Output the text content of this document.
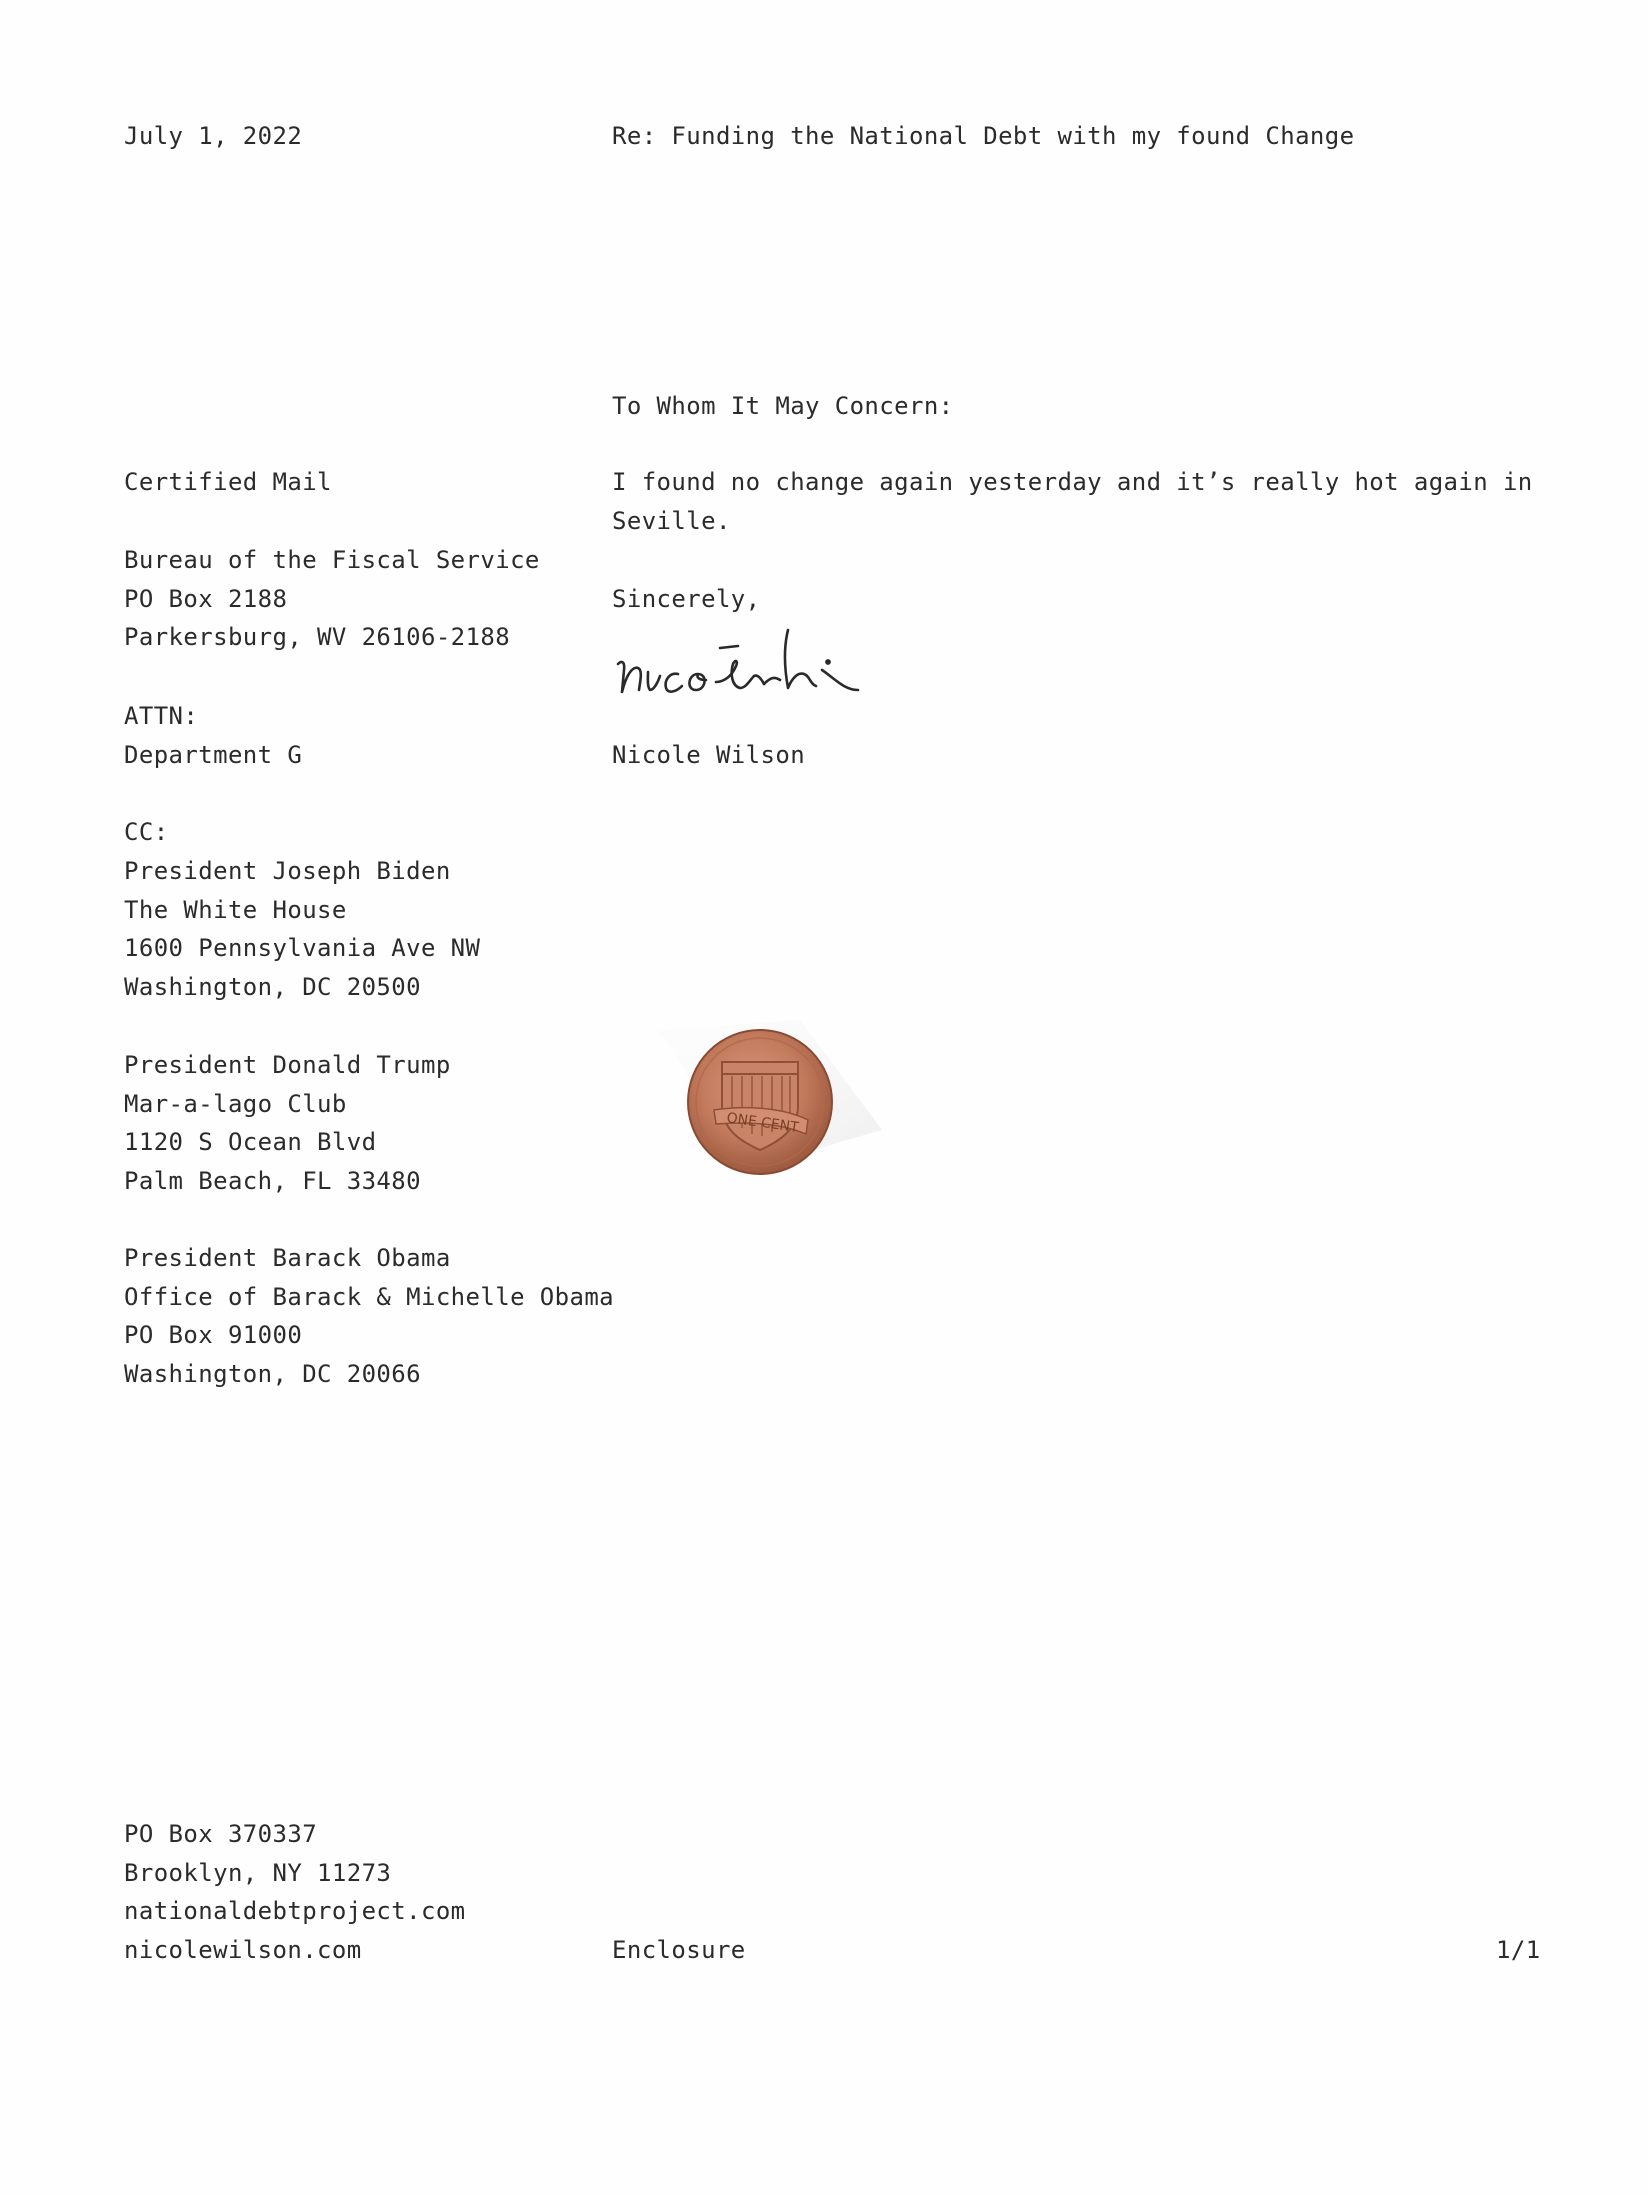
July 1, 2022	Re: Funding the National Debt with my found Change
To Whom It May Concern:
Certified Mail	I found no change again yesterday and it’s really hot again in
Seville.
Bureau of the Fiscal Service
PO Box 2188
Parkersburg, WV 26106-2188
Sincerely,
ATTN:
Department G	Nicole Wilson
CC:
President Joseph Biden
The White House
1600 Pennsylvania Ave NW
Washington, DC 20500
President Donald Trump
Mar-a-lago Club
1120 S Ocean Blvd
Palm Beach, FL 33480
President Barack Obama
Office of Barack & Michelle Obama
PO Box 91000
Washington, DC 20066
ONE CENT
PO Box 370337
Brooklyn, NY 11273
nationaldebtproject.com
nicolewilson.com	Enclosure	1/1
